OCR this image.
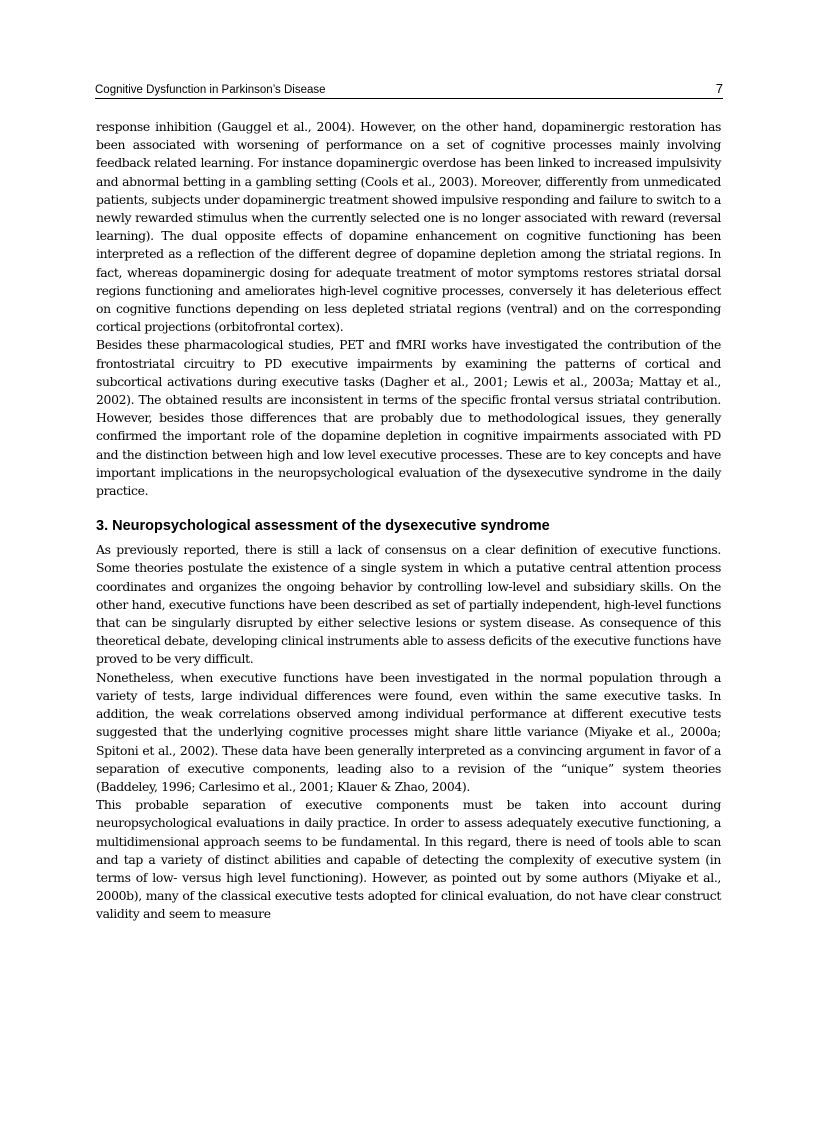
Cognitive Dysfunction in Parkinson’s Disease	7

response inhibition (Gauggel et al., 2004). However, on the other hand, dopaminergic restoration has been associated with worsening of performance on a set of cognitive processes mainly involving feedback related learning. For instance dopaminergic overdose has been linked to increased impulsivity and abnormal betting in a gambling setting (Cools et al., 2003). Moreover, differently from unmedicated patients, subjects under dopaminergic treatment showed impulsive responding and failure to switch to a newly rewarded stimulus when the currently selected one is no longer associated with reward (reversal learning). The dual opposite effects of dopamine enhancement on cognitive functioning has been interpreted as a reflection of the different degree of dopamine depletion among the striatal regions. In fact, whereas dopaminergic dosing for adequate treatment of motor symptoms restores striatal dorsal regions functioning and ameliorates high-level cognitive processes, conversely it has deleterious effect on cognitive functions depending on less depleted striatal regions (ventral) and on the corresponding cortical projections (orbitofrontal cortex).

Besides these pharmacological studies, PET and fMRI works have investigated the contribution of the frontostriatal circuitry to PD executive impairments by examining the patterns of cortical and subcortical activations during executive tasks (Dagher et al., 2001; Lewis et al., 2003a; Mattay et al., 2002). The obtained results are inconsistent in terms of the specific frontal versus striatal contribution. However, besides those differences that are probably due to methodological issues, they generally confirmed the important role of the dopamine depletion in cognitive impairments associated with PD and the distinction between high and low level executive processes. These are to key concepts and have important implications in the neuropsychological evaluation of the dysexecutive syndrome in the daily practice.

3. Neuropsychological assessment of the dysexecutive syndrome

As previously reported, there is still a lack of consensus on a clear definition of executive functions. Some theories postulate the existence of a single system in which a putative central attention process coordinates and organizes the ongoing behavior by controlling low-level and subsidiary skills. On the other hand, executive functions have been described as set of partially independent, high-level functions that can be singularly disrupted by either selective lesions or system disease. As consequence of this theoretical debate, developing clinical instruments able to assess deficits of the executive functions have proved to be very difficult.

Nonetheless, when executive functions have been investigated in the normal population through a variety of tests, large individual differences were found, even within the same executive tasks. In addition, the weak correlations observed among individual performance at different executive tests suggested that the underlying cognitive processes might share little variance (Miyake et al., 2000a; Spitoni et al., 2002). These data have been generally interpreted as a convincing argument in favor of a separation of executive components, leading also to a revision of the “unique” system theories (Baddeley, 1996; Carlesimo et al., 2001; Klauer & Zhao, 2004).

This probable separation of executive components must be taken into account during neuropsychological evaluations in daily practice. In order to assess adequately executive functioning, a multidimensional approach seems to be fundamental. In this regard, there is need of tools able to scan and tap a variety of distinct abilities and capable of detecting the complexity of executive system (in terms of low- versus high level functioning). However, as pointed out by some authors (Miyake et al., 2000b), many of the classical executive tests adopted for clinical evaluation, do not have clear construct validity and seem to measure
